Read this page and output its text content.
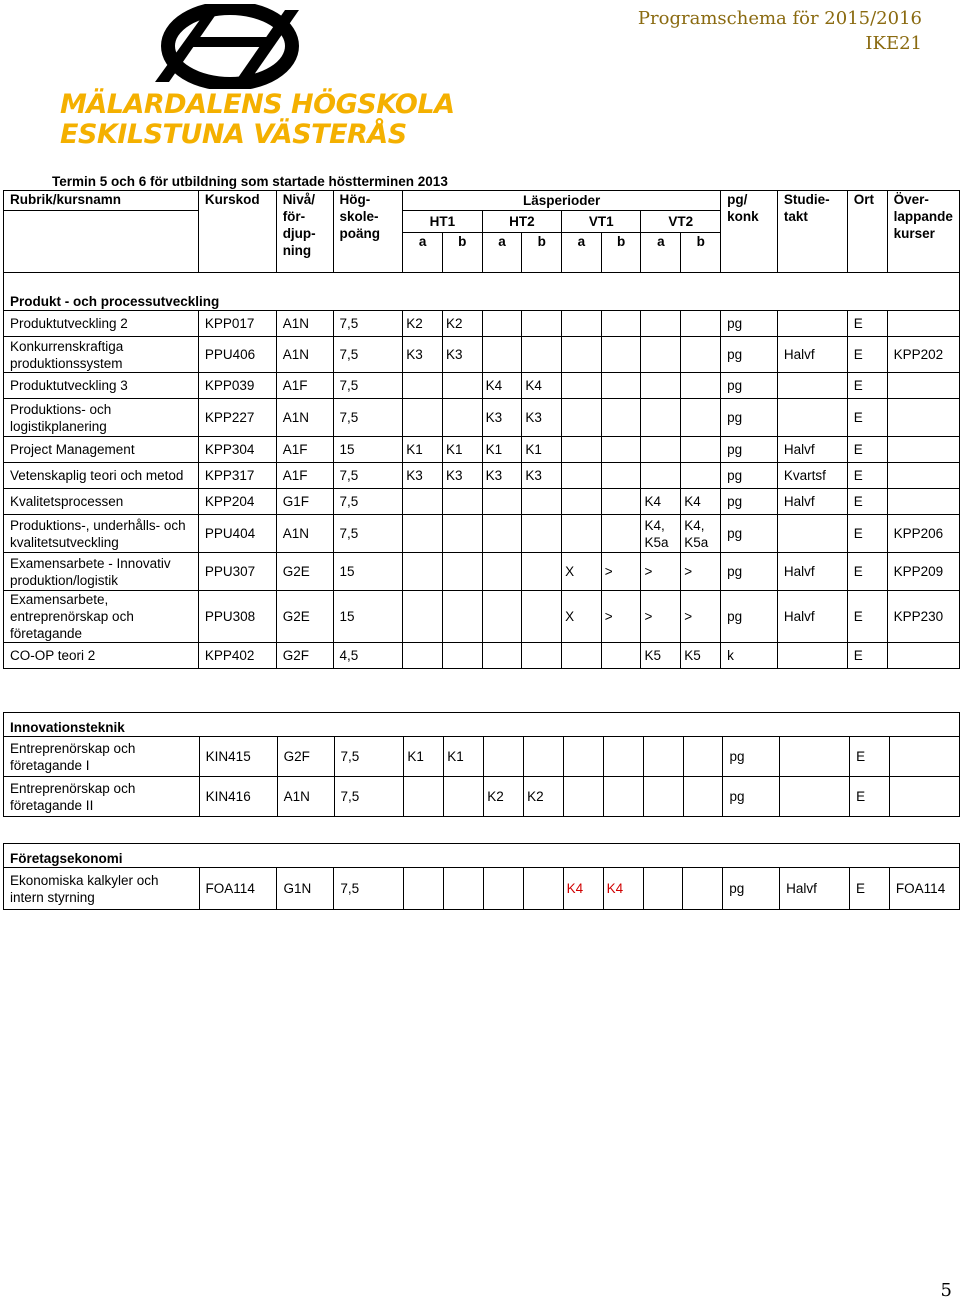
MÄLARDALENS HÖGSKOLA
ESKILSTUNA VÄSTERÅS
Programschema för 2015/2016
IKE21
Termin 5 och 6 för utbildning som startade höstterminen 2013
Rubrik/kursnamn	Kurskod	Nivå/ för- djup- ning	Hög- skole- poäng	Läsperioder								pg/ konk	Studie- takt	Ort	Över- lappande kurser
				HT1		HT2		VT1		VT2					
				a	b	a	b	a	b	a	b				
Produkt - och processutveckling															
Produktutveckling 2	KPP017	A1N	7,5	K2	K2							pg		E	
Konkurrenskraftiga produktionssystem	PPU406	A1N	7,5	K3	K3							pg	Halvf	E	KPP202
Produktutveckling 3	KPP039	A1F	7,5			K4	K4					pg		E	
Produktions- och logistikplanering	KPP227	A1N	7,5			K3	K3					pg		E	
Project Management	KPP304	A1F	15	K1	K1	K1	K1					pg	Halvf	E	
Vetenskaplig teori och metod	KPP317	A1F	7,5	K3	K3	K3	K3					pg	Kvartsf	E	
Kvalitetsprocessen	KPP204	G1F	7,5							K4	K4	pg	Halvf	E	
Produktions-, underhålls- och kvalitetsutveckling	PPU404	A1N	7,5							K4, K5a	K4, K5a	pg		E	KPP206
Examensarbete - Innovativ produktion/logistik	PPU307	G2E	15					X	>	>	>	pg	Halvf	E	KPP209
Examensarbete, entreprenörskap och företagande	PPU308	G2E	15					X	>	>	>	pg	Halvf	E	KPP230
CO-OP teori 2	KPP402	G2F	4,5							K5	K5	k		E	
Innovationsteknik															
Entreprenörskap och företagande I	KIN415	G2F	7,5	K1	K1							pg		E	
Entreprenörskap och företagande II	KIN416	A1N	7,5			K2	K2					pg		E	
Företagsekonomi
Ekonomiska kalkyler och intern styrning	FOA114	G1N	7,5					K4	K4			pg	Halvf	E	FOA114
5
